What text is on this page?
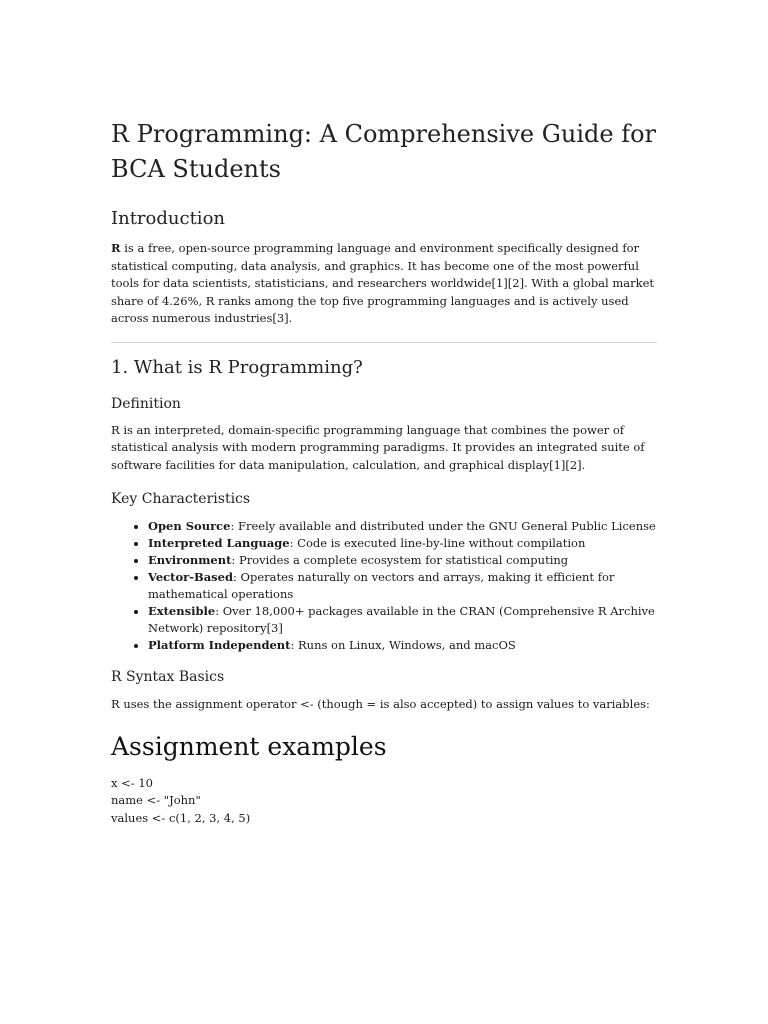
R Programming: A Comprehensive Guide for BCA Students
Introduction

R is a free, open-source programming language and environment specifically designed for statistical computing, data analysis, and graphics. It has become one of the most powerful tools for data scientists, statisticians, and researchers worldwide[1][2]. With a global market share of 4.26%, R ranks among the top five programming languages and is actively used across numerous industries[3].

1. What is R Programming?
Definition

R is an interpreted, domain-specific programming language that combines the power of statistical analysis with modern programming paradigms. It provides an integrated suite of software facilities for data manipulation, calculation, and graphical display[1][2].

Key Characteristics
• Open Source: Freely available and distributed under the GNU General Public License
• Interpreted Language: Code is executed line-by-line without compilation
• Environment: Provides a complete ecosystem for statistical computing
• Vector-Based: Operates naturally on vectors and arrays, making it efficient for mathematical operations
• Extensible: Over 18,000+ packages available in the CRAN (Comprehensive R Archive Network) repository[3]
• Platform Independent: Runs on Linux, Windows, and macOS
R Syntax Basics

R uses the assignment operator <- (though = is also accepted) to assign values to variables:

Assignment examples
x <- 10
name <- "John"
values <- c(1, 2, 3, 4, 5)
